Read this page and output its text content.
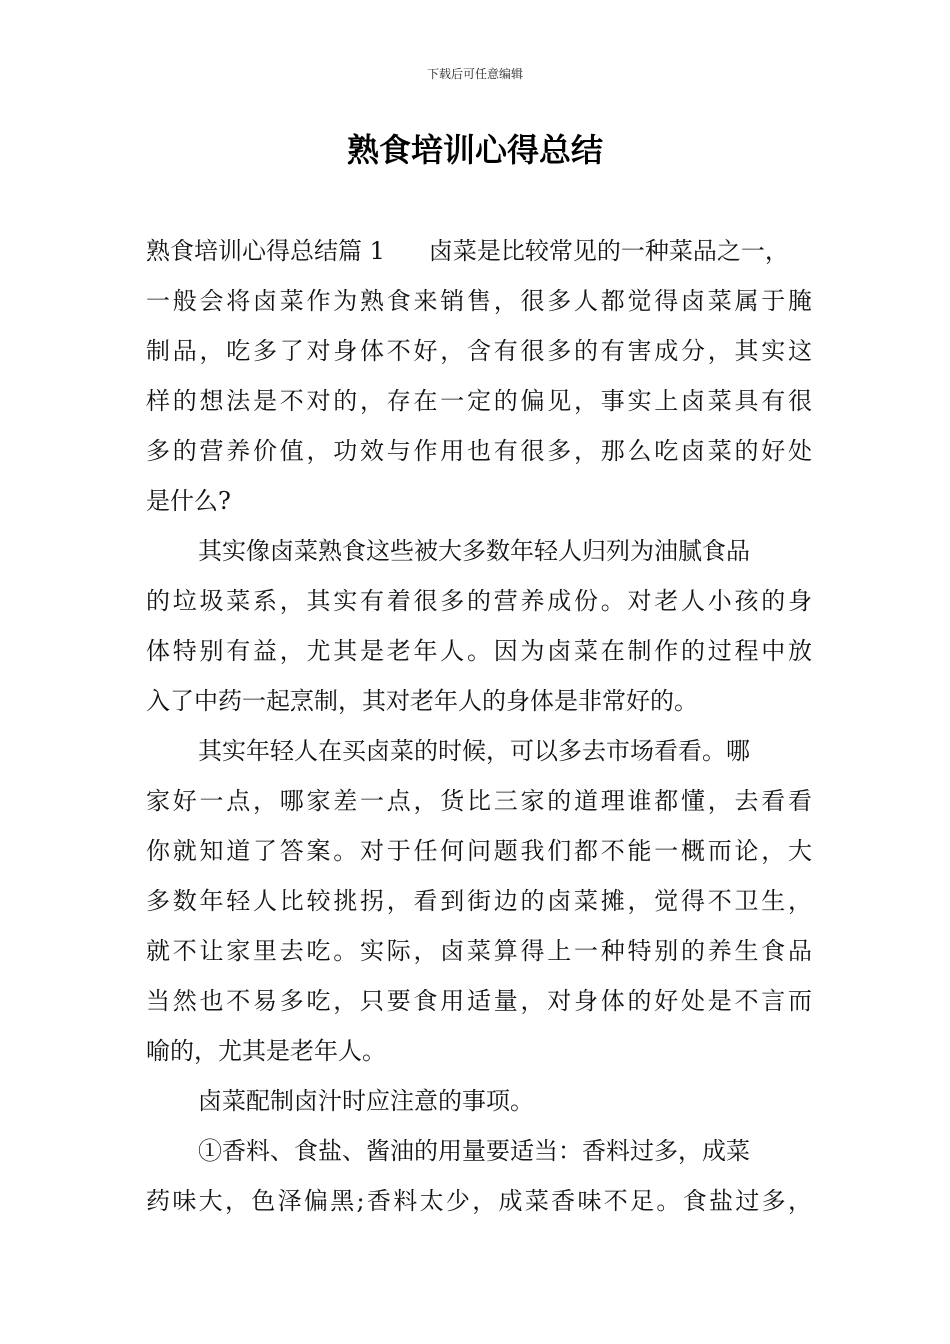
下载后可任意编辑
熟食培训心得总结
熟食培训心得总结篇 1 卤菜是比较常见的一种菜品之一，
一般会将卤菜作为熟食来销售，很多人都觉得卤菜属于腌
制品，吃多了对身体不好，含有很多的有害成分，其实这
样的想法是不对的，存在一定的偏见，事实上卤菜具有很
多的营养价值，功效与作用也有很多，那么吃卤菜的好处
是什么?
其实像卤菜熟食这些被大多数年轻人归列为油腻食品
的垃圾菜系，其实有着很多的营养成份。对老人小孩的身
体特别有益，尤其是老年人。因为卤菜在制作的过程中放
入了中药一起烹制，其对老年人的身体是非常好的。
其实年轻人在买卤菜的时候，可以多去市场看看。哪
家好一点，哪家差一点，货比三家的道理谁都懂，去看看
你就知道了答案。对于任何问题我们都不能一概而论，大
多数年轻人比较挑拐，看到街边的卤菜摊，觉得不卫生，
就不让家里去吃。实际，卤菜算得上一种特别的养生食品
当然也不易多吃，只要食用适量，对身体的好处是不言而
喻的，尤其是老年人。
卤菜配制卤汁时应注意的事项。
①香料、食盐、酱油的用量要适当：香料过多，成菜
药味大，色泽偏黑;香料太少，成菜香味不足。食盐过多，
